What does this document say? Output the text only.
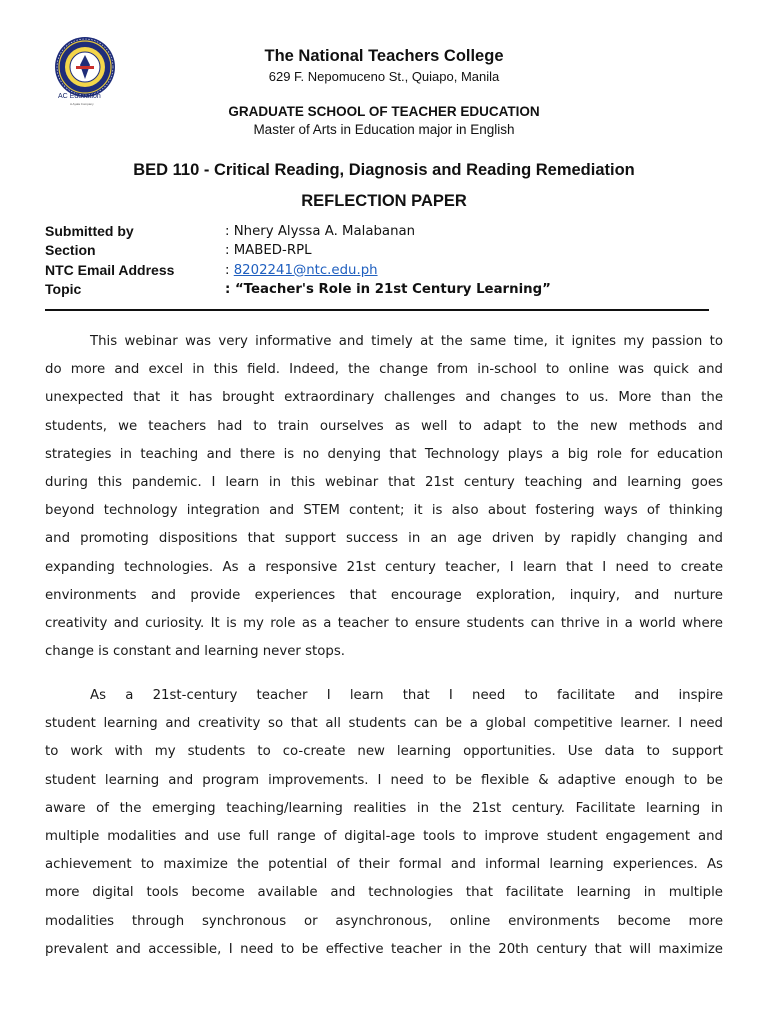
AC Education
A Ayala Company
The National Teachers College
629 F. Nepomuceno St., Quiapo, Manila
GRADUATE SCHOOL OF TEACHER EDUCATION
Master of Arts in Education major in English
BED 110 - Critical Reading, Diagnosis and Reading Remediation
REFLECTION PAPER
Submitted by	: Nhery Alyssa A. Malabanan
Section	: MABED-RPL
NTC Email Address	: 8202241@ntc.edu.ph
Topic	: “Teacher's Role in 21st Century Learning”
This webinar was very informative and timely at the same time, it ignites my passion to
do more and excel in this field. Indeed, the change from in-school to online was quick and
unexpected that it has brought extraordinary challenges and changes to us. More than the
students, we teachers had to train ourselves as well to adapt to the new methods and
strategies in teaching and there is no denying that Technology plays a big role for education
during this pandemic. I learn in this webinar that 21st century teaching and learning goes
beyond technology integration and STEM content; it is also about fostering ways of thinking
and promoting dispositions that support success in an age driven by rapidly changing and
expanding technologies. As a responsive 21st century teacher, I learn that I need to create
environments and provide experiences that encourage exploration, inquiry, and nurture
creativity and curiosity. It is my role as a teacher to ensure students can thrive in a world where
change is constant and learning never stops.
As a 21st-century teacher I learn that I need to facilitate and inspire
student learning and creativity so that all students can be a global competitive learner. I need
to work with my students to co-create new learning opportunities. Use data to support
student learning and program improvements. I need to be flexible & adaptive enough to be
aware of the emerging teaching/learning realities in the 21st century. Facilitate learning in
multiple modalities and use full range of digital-age tools to improve student engagement and
achievement to maximize the potential of their formal and informal learning experiences. As
more digital tools become available and technologies that facilitate learning in multiple
modalities through synchronous or asynchronous, online environments become more
prevalent and accessible, I need to be effective teacher in the 20th century that will maximize
